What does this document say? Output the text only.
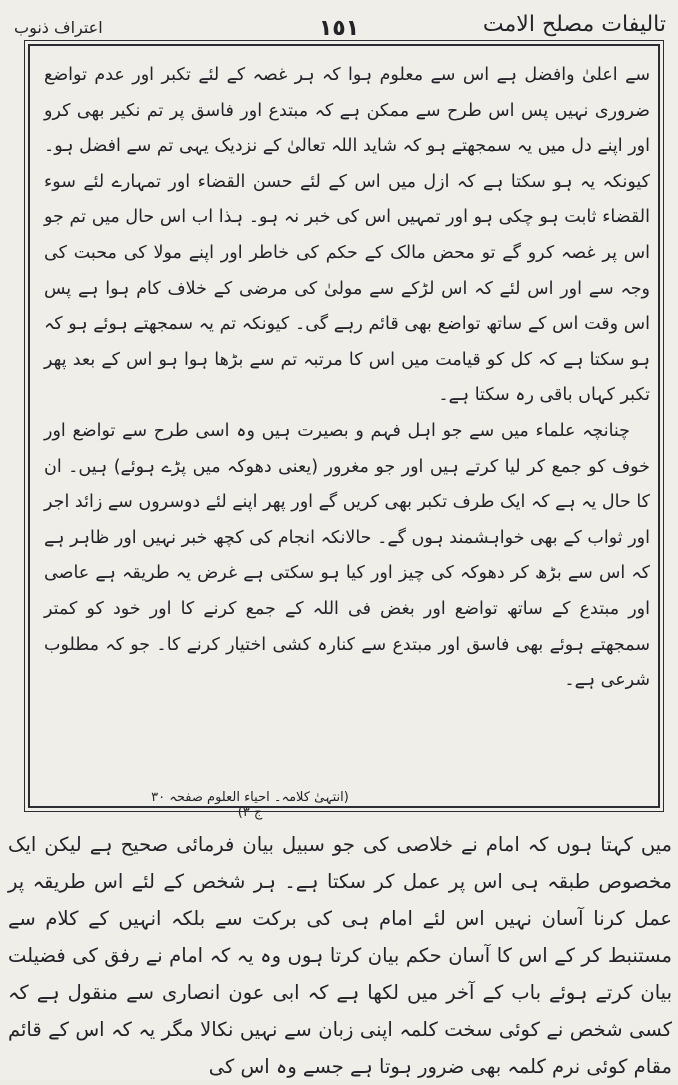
تالیفات مصلح الامت
١٥١
اعتراف ذنوب

سے اعلیٰ وافضل ہے اس سے معلوم ہوا کہ ہر غصہ کے لئے تکبر اور عدم تواضع ضروری نہیں پس اس طرح سے ممکن ہے کہ مبتدع اور فاسق پر تم نکیر بھی کرو اور اپنے دل میں یہ سمجھتے ہو کہ شاید اللہ تعالیٰ کے نزدیک یہی تم سے افضل ہو۔ کیونکہ یہ ہو سکتا ہے کہ ازل میں اس کے لئے حسن القضاء اور تمہارے لئے سوء القضاء ثابت ہو چکی ہو اور تمہیں اس کی خبر نہ ہو۔ ہذا اب اس حال میں تم جو اس پر غصہ کرو گے تو محض مالک کے حکم کی خاطر اور اپنے مولا کی محبت کی وجہ سے اور اس لئے کہ اس لڑکے سے مولیٰ کی مرضی کے خلاف کام ہوا ہے پس اس وقت اس کے ساتھ تواضع بھی قائم رہے گی۔ کیونکہ تم یہ سمجھتے ہوئے ہو کہ ہو سکتا ہے کہ کل کو قیامت میں اس کا مرتبہ تم سے بڑھا ہوا ہو اس کے بعد پھر تکبر کہاں باقی رہ سکتا ہے۔

چنانچہ علماء میں سے جو اہل فہم و بصیرت ہیں وہ اسی طرح سے تواضع اور خوف کو جمع کر لیا کرتے ہیں اور جو مغرور (یعنی دھوکہ میں پڑے ہوئے) ہیں۔ ان کا حال یہ ہے کہ ایک طرف تکبر بھی کریں گے اور پھر اپنے لئے دوسروں سے زائد اجر اور ثواب کے بھی خواہشمند ہوں گے۔ حالانکہ انجام کی کچھ خبر نہیں اور ظاہر ہے کہ اس سے بڑھ کر دھوکہ کی چیز اور کیا ہو سکتی ہے غرض یہ طریقہ ہے عاصی اور مبتدع کے ساتھ تواضع اور بغض فی اللہ کے جمع کرنے کا اور خود کو کمتر سمجھتے ہوئے بھی فاسق اور مبتدع سے کنارہ کشی اختیار کرنے کا۔ جو کہ مطلوب شرعی ہے۔

(انتہیٰ کلامہ۔ احیاء العلوم صفحہ ۳۰ ج ۳)

میں کہتا ہوں کہ امام نے خلاصی کی جو سبیل بیان فرمائی صحیح ہے لیکن ایک مخصوص طبقہ ہی اس پر عمل کر سکتا ہے۔ ہر شخص کے لئے اس طریقہ پر عمل کرنا آسان نہیں اس لئے امام ہی کی برکت سے بلکہ انہیں کے کلام سے مستنبط کر کے اس کا آسان حکم بیان کرتا ہوں وہ یہ کہ امام نے رفق کی فضیلت بیان کرتے ہوئے باب کے آخر میں لکھا ہے کہ ابی عون انصاری سے منقول ہے کہ کسی شخص نے کوئی سخت کلمہ اپنی زبان سے نہیں نکالا مگر یہ کہ اس کے قائم مقام کوئی نرم کلمہ بھی ضرور ہوتا ہے جسے وہ اس کی
